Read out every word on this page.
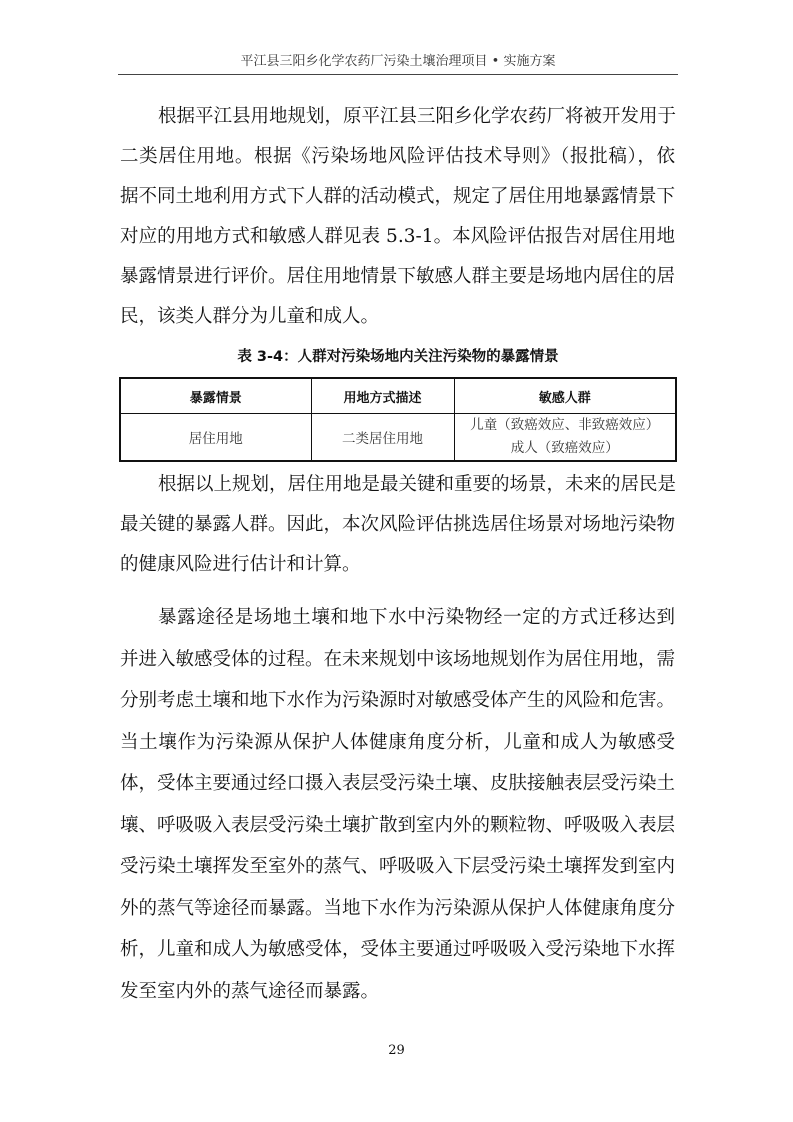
平江县三阳乡化学农药厂污染土壤治理项目 • 实施方案
根据平江县用地规划，原平江县三阳乡化学农药厂将被开发用于
二类居住用地。根据《污染场地风险评估技术导则》（报批稿），依
据不同土地利用方式下人群的活动模式，规定了居住用地暴露情景下
对应的用地方式和敏感人群见表 5.3-1。本风险评估报告对居住用地
暴露情景进行评价。居住用地情景下敏感人群主要是场地内居住的居
民，该类人群分为儿童和成人。
表 3-4：人群对污染场地内关注污染物的暴露情景
暴露情景	用地方式描述	敏感人群
居住用地	二类居住用地	儿童（致癌效应、非致癌效应）
成人（致癌效应）
根据以上规划，居住用地是最关键和重要的场景，未来的居民是
最关键的暴露人群。因此，本次风险评估挑选居住场景对场地污染物
的健康风险进行估计和计算。
暴露途径是场地土壤和地下水中污染物经一定的方式迁移达到
并进入敏感受体的过程。在未来规划中该场地规划作为居住用地，需
分别考虑土壤和地下水作为污染源时对敏感受体产生的风险和危害。
当土壤作为污染源从保护人体健康角度分析，儿童和成人为敏感受
体，受体主要通过经口摄入表层受污染土壤、皮肤接触表层受污染土
壤、呼吸吸入表层受污染土壤扩散到室内外的颗粒物、呼吸吸入表层
受污染土壤挥发至室外的蒸气、呼吸吸入下层受污染土壤挥发到室内
外的蒸气等途径而暴露。当地下水作为污染源从保护人体健康角度分
析，儿童和成人为敏感受体，受体主要通过呼吸吸入受污染地下水挥
发至室内外的蒸气途径而暴露。
29
